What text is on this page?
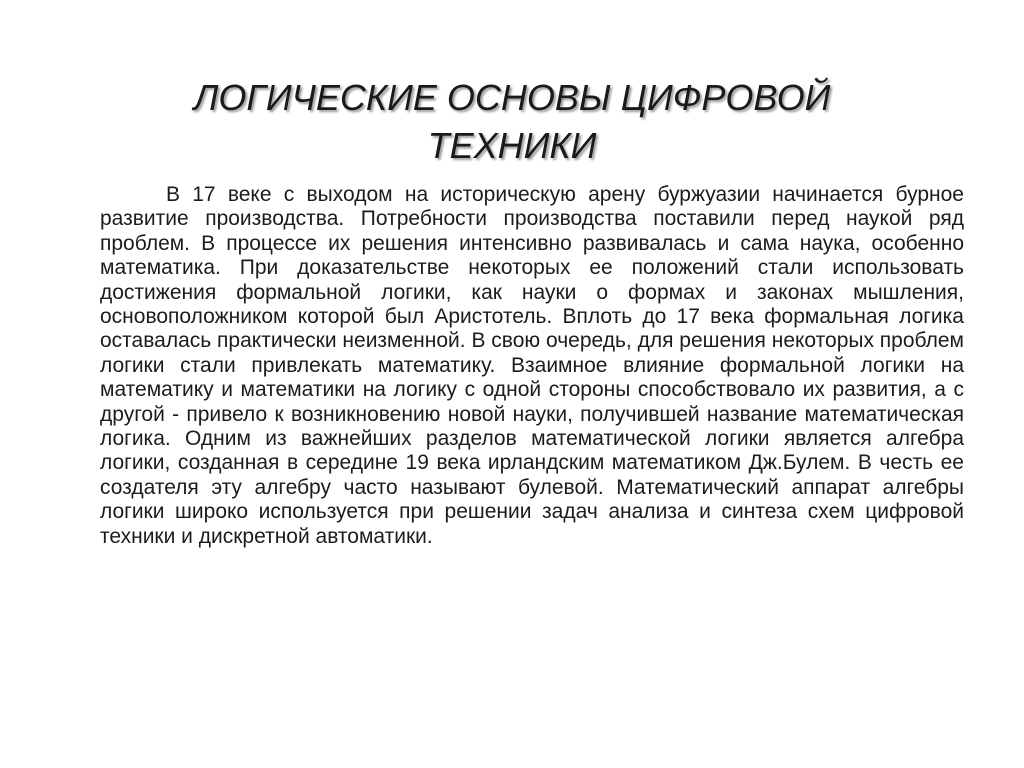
ЛОГИЧЕСКИЕ ОСНОВЫ ЦИФРОВОЙ
ТЕХНИКИ

В 17 веке с выходом на историческую арену буржуазии начинается бурное развитие производства. Потребности производства поставили перед наукой ряд проблем. В процессе их решения интенсивно развивалась и сама наука, особенно математика. При доказательстве некоторых ее положений стали использовать достижения формальной логики, как науки о формах и законах мышления, основоположником которой был Аристотель. Вплоть до 17 века формальная логика оставалась практически неизменной. В свою очередь, для решения некоторых проблем логики стали привлекать математику. Взаимное влияние формальной логики на математику и математики на логику с одной стороны способствовало их развития, а с другой - привело к возникновению новой науки, получившей название математическая логика. Одним из важнейших разделов математической логики является алгебра логики, созданная в середине 19 века ирландским математиком Дж.Булем. В честь ее создателя эту алгебру часто называют булевой. Математический аппарат алгебры логики широко используется при решении задач анализа и синтеза схем цифровой техники и дискретной автоматики.
